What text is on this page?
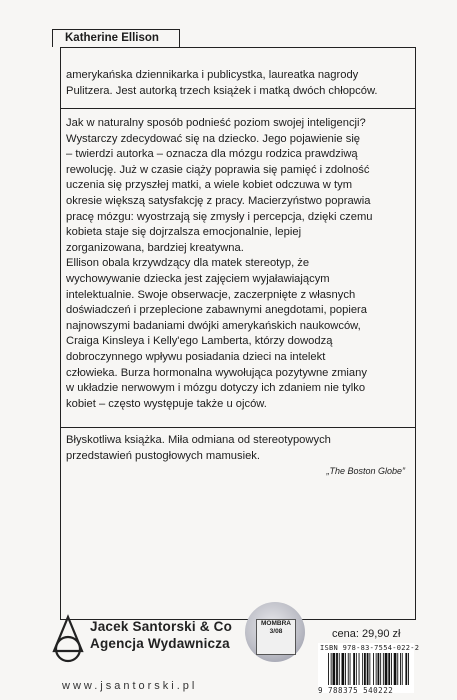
Katherine Ellison

amerykańska dziennikarka i publicystka, laureatka nagrody
Pulitzera. Jest autorką trzech książek i matką dwóch chłopców.

Jak w naturalny sposób podnieść poziom swojej inteligencji?
Wystarczy zdecydować się na dziecko. Jego pojawienie się
– twierdzi autorka – oznacza dla mózgu rodzica prawdziwą
rewolucję. Już w czasie ciąży poprawia się pamięć i zdolność
uczenia się przyszłej matki, a wiele kobiet odczuwa w tym
okresie większą satysfakcję z pracy. Macierzyństwo poprawia
pracę mózgu: wyostrzają się zmysły i percepcja, dzięki czemu
kobieta staje się dojrzalsza emocjonalnie, lepiej
zorganizowana, bardziej kreatywna.
Ellison obala krzywdzący dla matek stereotyp, że
wychowywanie dziecka jest zajęciem wyjaławiającym
intelektualnie. Swoje obserwacje, zaczerpnięte z własnych
doświadczeń i przeplecione zabawnymi anegdotami, popiera
najnowszymi badaniami dwójki amerykańskich naukowców,
Craiga Kinsleya i Kelly'ego Lamberta, którzy dowodzą
dobroczynnego wpływu posiadania dzieci na intelekt
człowieka. Burza hormonalna wywołująca pozytywne zmiany
w układzie nerwowym i mózgu dotyczy ich zdaniem nie tylko
kobiet – często występuje także u ojców.

Błyskotliwa książka. Miła odmiana od stereotypowych
przedstawień pustogłowych mamusiek.

„The Boston Globe”
Jacek Santorski & Co
Agencja Wydawnicza
www.jsantorski.pl
MOMBRA
3/08	cena: 29,90 zł
ISBN 978-83-7554-022-2
9 788375 540222
